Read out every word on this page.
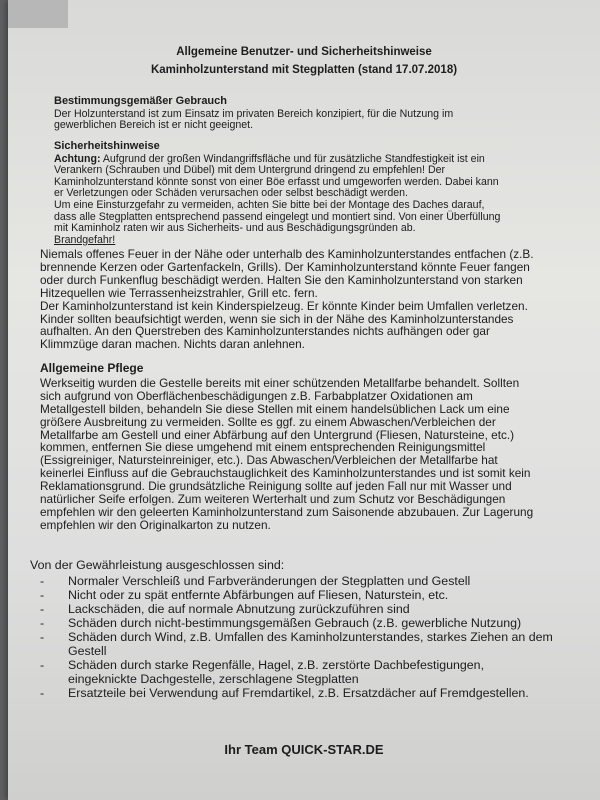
Allgemeine Benutzer- und Sicherheitshinweise
Kaminholzunterstand mit Stegplatten (stand 17.07.2018)
Bestimmungsgemäßer Gebrauch
Der Holzunterstand ist zum Einsatz im privaten Bereich konzipiert, für die Nutzung im
gewerblichen Bereich ist er nicht geeignet.
Sicherheitshinweise
Achtung: Aufgrund der großen Windangriffsfläche und für zusätzliche Standfestigkeit ist ein
Verankern (Schrauben und Dübel) mit dem Untergrund dringend zu empfehlen! Der
Kaminholzunterstand könnte sonst von einer Böe erfasst und umgeworfen werden. Dabei kann
er Verletzungen oder Schäden verursachen oder selbst beschädigt werden.
Um eine Einsturzgefahr zu vermeiden, achten Sie bitte bei der Montage des Daches darauf,
dass alle Stegplatten entsprechend passend eingelegt und montiert sind. Von einer Überfüllung
mit Kaminholz raten wir aus Sicherheits- und aus Beschädigungsgründen ab.
Brandgefahr!
Niemals offenes Feuer in der Nähe oder unterhalb des Kaminholzunterstandes entfachen (z.B.
brennende Kerzen oder Gartenfackeln, Grills). Der Kaminholzunterstand könnte Feuer fangen
oder durch Funkenflug beschädigt werden. Halten Sie den Kaminholzunterstand von starken
Hitzequellen wie Terrassenheizstrahler, Grill etc. fern.
Der Kaminholzunterstand ist kein Kinderspielzeug. Er könnte Kinder beim Umfallen verletzen.
Kinder sollten beaufsichtigt werden, wenn sie sich in der Nähe des Kaminholzunterstandes
aufhalten. An den Querstreben des Kaminholzunterstandes nichts aufhängen oder gar
Klimmzüge daran machen. Nichts daran anlehnen.
Allgemeine Pflege
Werkseitig wurden die Gestelle bereits mit einer schützenden Metallfarbe behandelt. Sollten
sich aufgrund von Oberflächenbeschädigungen z.B. Farbabplatzer Oxidationen am
Metallgestell bilden, behandeln Sie diese Stellen mit einem handelsüblichen Lack um eine
größere Ausbreitung zu vermeiden. Sollte es ggf. zu einem Abwaschen/Verbleichen der
Metallfarbe am Gestell und einer Abfärbung auf den Untergrund (Fliesen, Natursteine, etc.)
kommen, entfernen Sie diese umgehend mit einem entsprechenden Reinigungsmittel
(Essigreiniger, Natursteinreiniger, etc.). Das Abwaschen/Verbleichen der Metallfarbe hat
keinerlei Einfluss auf die Gebrauchstauglichkeit des Kaminholzunterstandes und ist somit kein
Reklamationsgrund. Die grundsätzliche Reinigung sollte auf jeden Fall nur mit Wasser und
natürlicher Seife erfolgen. Zum weiteren Werterhalt und zum Schutz vor Beschädigungen
empfehlen wir den geleerten Kaminholzunterstand zum Saisonende abzubauen. Zur Lagerung
empfehlen wir den Originalkarton zu nutzen.
Von der Gewährleistung ausgeschlossen sind:
- Normaler Verschleiß und Farbveränderungen der Stegplatten und Gestell
- Nicht oder zu spät entfernte Abfärbungen auf Fliesen, Naturstein, etc.
- Lackschäden, die auf normale Abnutzung zurückzuführen sind
- Schäden durch nicht-bestimmungsgemäßen Gebrauch (z.B. gewerbliche Nutzung)
- Schäden durch Wind, z.B. Umfallen des Kaminholzunterstandes, starkes Ziehen an dem
Gestell
- Schäden durch starke Regenfälle, Hagel, z.B. zerstörte Dachbefestigungen,
eingeknickte Dachgestelle, zerschlagene Stegplatten
- Ersatzteile bei Verwendung auf Fremdartikel, z.B. Ersatzdächer auf Fremdgestellen.
Ihr Team QUICK-STAR.DE
